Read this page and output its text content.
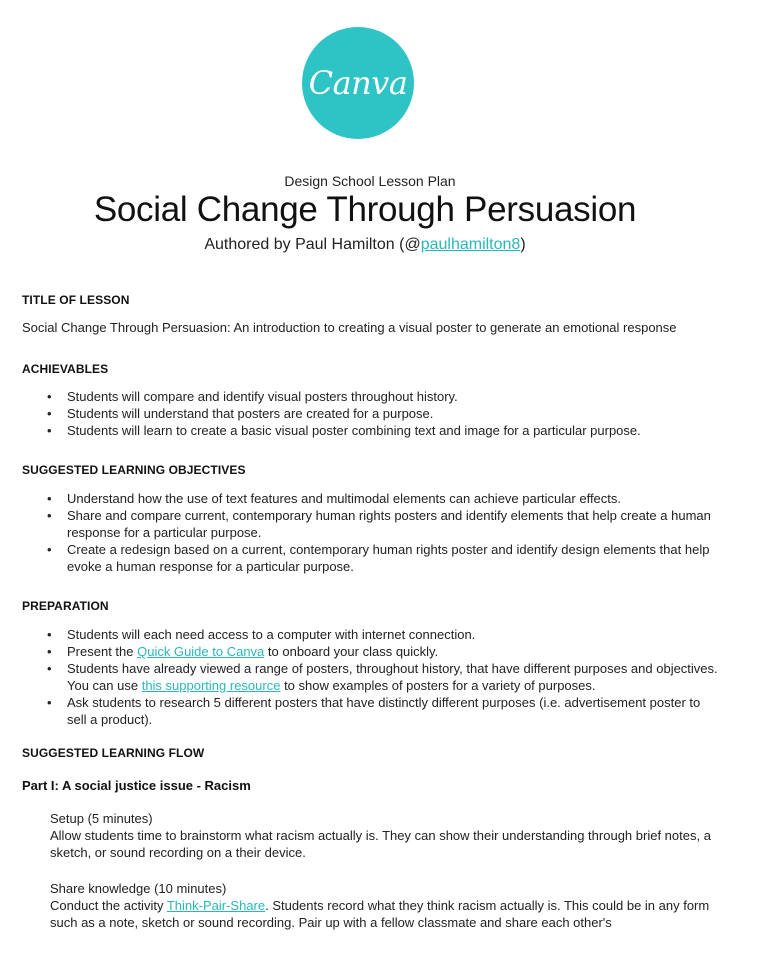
Canva
Design School Lesson Plan
Social Change Through Persuasion
Authored by Paul Hamilton (@paulhamilton8)
TITLE OF LESSON
Social Change Through Persuasion: An introduction to creating a visual poster to generate an emotional response
ACHIEVABLES
• Students will compare and identify visual posters throughout history.
• Students will understand that posters are created for a purpose.
• Students will learn to create a basic visual poster combining text and image for a particular purpose.
SUGGESTED LEARNING OBJECTIVES
• Understand how the use of text features and multimodal elements can achieve particular effects.
• Share and compare current, contemporary human rights posters and identify elements that help create a human response for a particular purpose.
• Create a redesign based on a current, contemporary human rights poster and identify design elements that help evoke a human response for a particular purpose.
PREPARATION
• Students will each need access to a computer with internet connection.
• Present the Quick Guide to Canva to onboard your class quickly.
• Students have already viewed a range of posters, throughout history, that have different purposes and objectives. You can use this supporting resource to show examples of posters for a variety of purposes.
• Ask students to research 5 different posters that have distinctly different purposes (i.e. advertisement poster to sell a product).
SUGGESTED LEARNING FLOW
Part I: A social justice issue - Racism
Setup (5 minutes)
Allow students time to brainstorm what racism actually is. They can show their understanding through brief notes, a sketch, or sound recording on a their device.
Share knowledge (10 minutes)
Conduct the activity Think-Pair-Share. Students record what they think racism actually is. This could be in any form such as a note, sketch or sound recording. Pair up with a fellow classmate and share each other's
